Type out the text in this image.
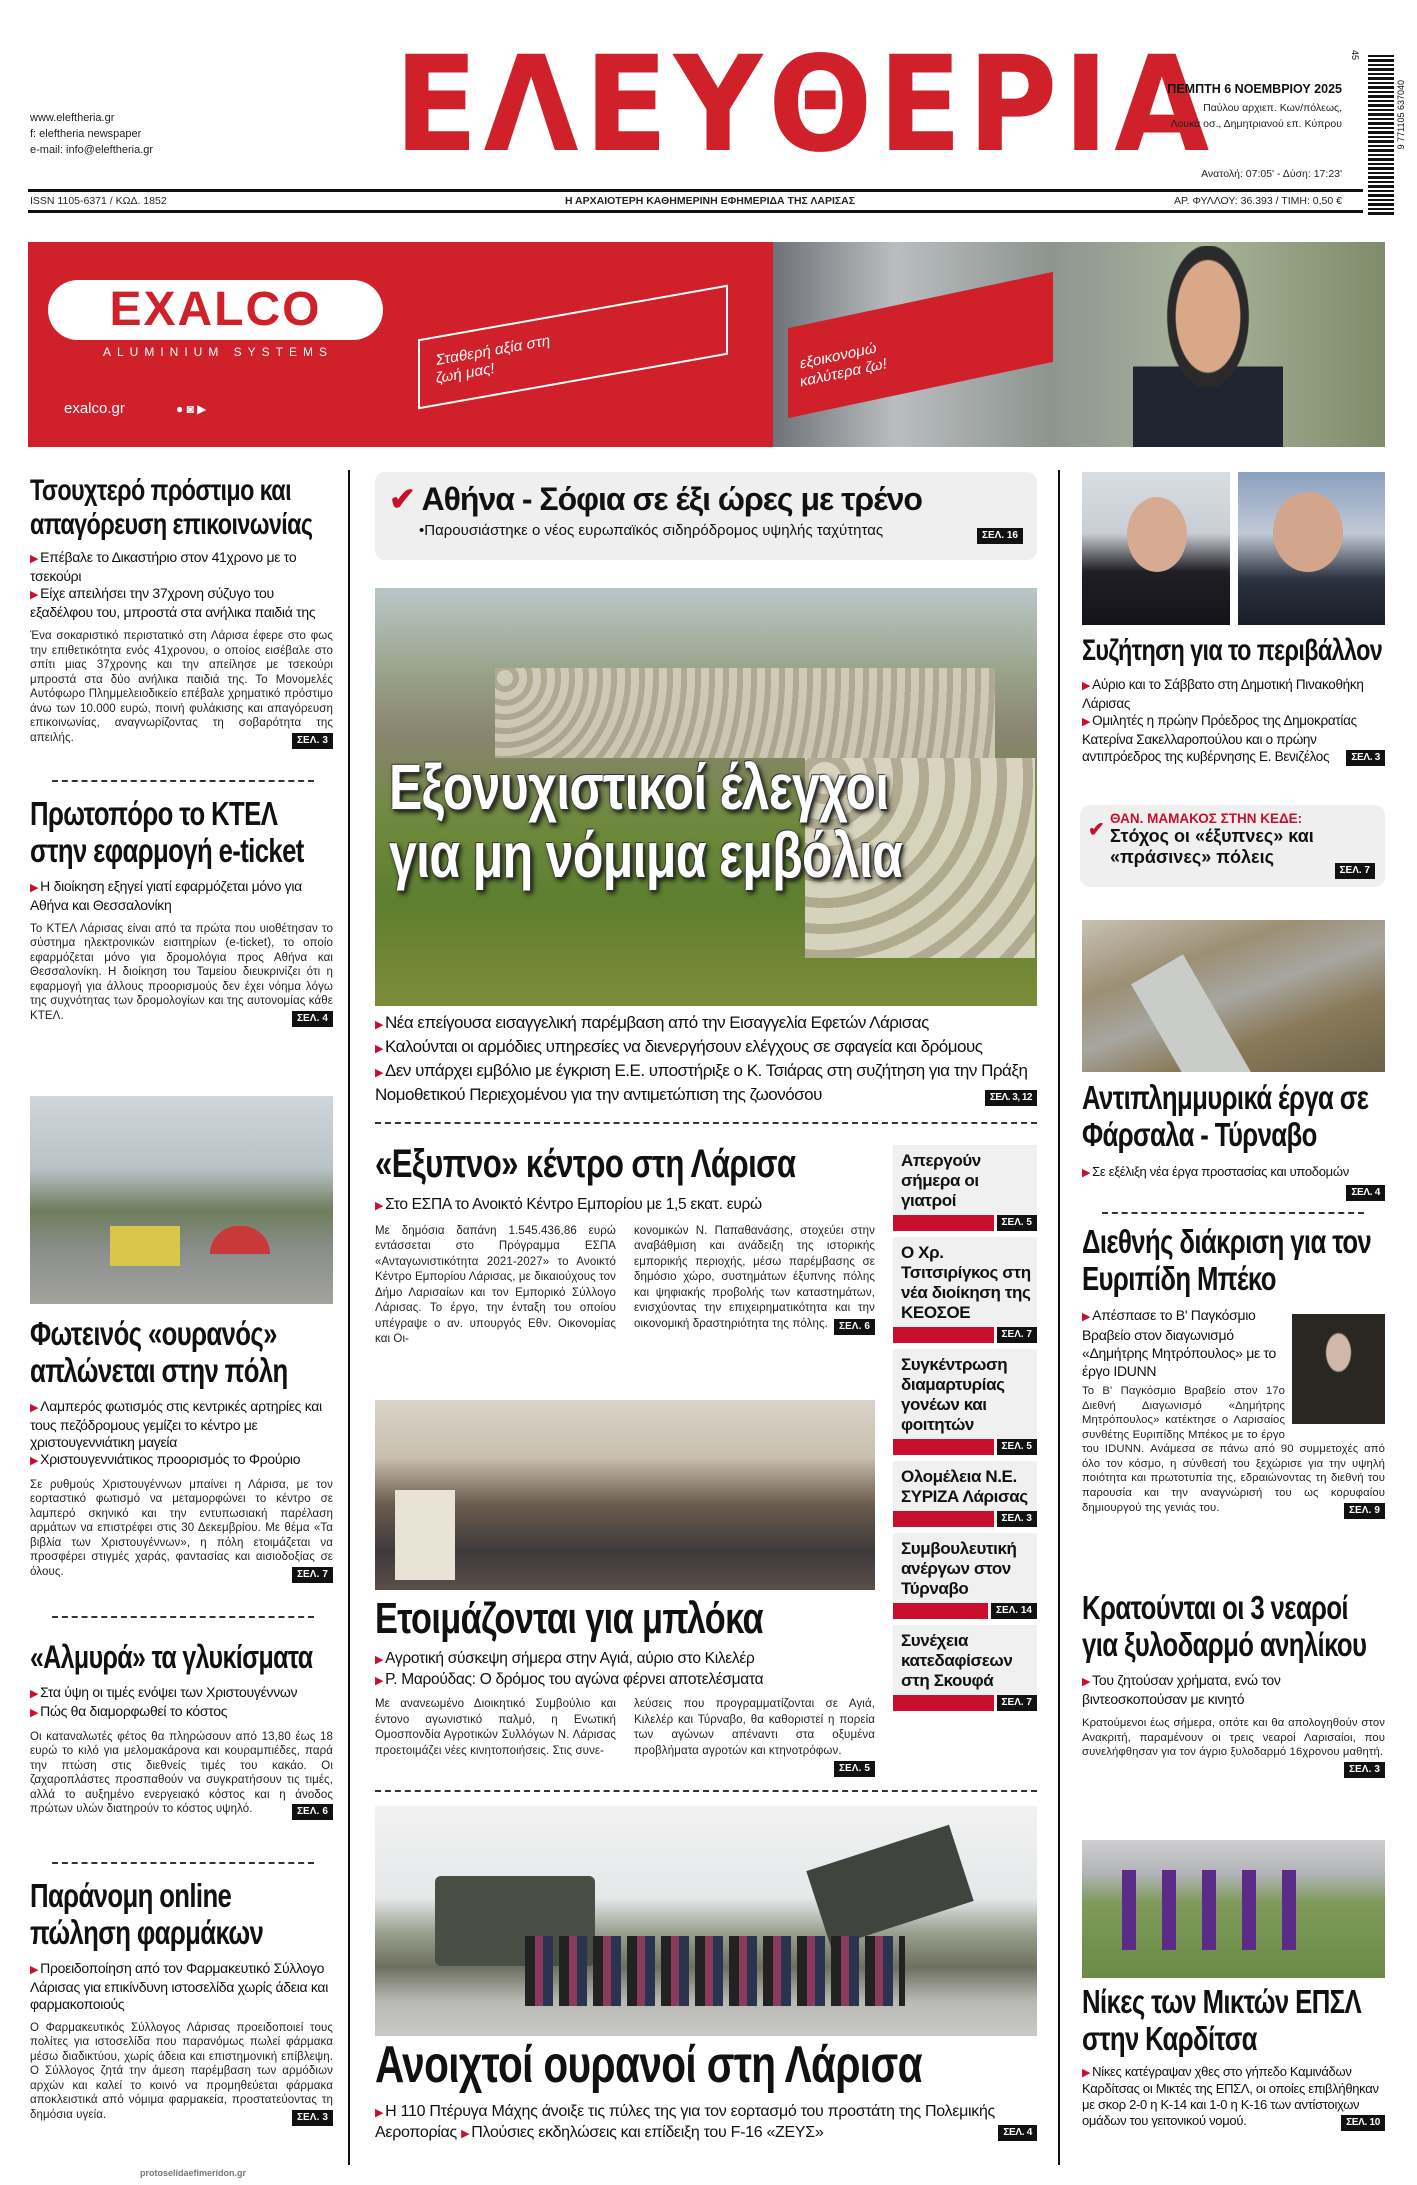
www.eleftheria.gr
f: eleftheria newspaper
e-mail: info@eleftheria.gr ΕΛΕΥΘΕΡΙΑ
ΠΕΜΠΤΗ 6 ΝΟΕΜΒΡΙΟΥ 2025
Παύλου αρχιεπ. Κων/πόλεως,
Λουκά οσ., Δημητριανού επ. Κύπρου
Ανατολή: 07:05' - Δύση: 17:23'
9 771105 637040
45
ISSN 1105-6371 / ΚΩΔ. 1852	Η ΑΡΧΑΙΟΤΕΡΗ ΚΑΘΗΜΕΡΙΝΗ ΕΦΗΜΕΡΙΔΑ ΤΗΣ ΛΑΡΙΣΑΣ	ΑΡ. ΦΥΛΛΟΥ: 36.393 / ΤΙΜΗ: 0,50 €
EXALCO
ALUMINIUM SYSTEMS
exalco.gr	● ◙ ▶
Σταθερή αξία στη ζωή μας!
εξοικονομώ καλύτερα ζω!
Τσουχτερό πρόστιμο και απαγόρευση επικοινωνίας
▶ Επέβαλε το Δικαστήριο στον 41χρονο με το τσεκούρι
▶ Είχε απειλήσει την 37χρονη σύζυγο του εξαδέλφου του, μπροστά στα ανήλικα παιδιά της
Ένα σοκαριστικό περιστατικό στη Λάρισα έφερε στο φως την επιθετικότητα ενός 41χρονου, ο οποίος εισέβαλε στο σπίτι μιας 37χρονης και την απείλησε με τσεκούρι μπροστά στα δύο ανήλικα παιδιά της. Το Μονομελές Αυτόφωρο Πλημμελειοδικείο επέβαλε χρηματικό πρόστιμο άνω των 10.000 ευρώ, ποινή φυλάκισης και απαγόρευση επικοινωνίας, αναγνωρίζοντας τη σοβαρότητα της απειλής.	ΣΕΛ. 3
Πρωτοπόρο το ΚΤΕΛ στην εφαρμογή e-ticket
▶ Η διοίκηση εξηγεί γιατί εφαρμόζεται μόνο για Αθήνα και Θεσσαλονίκη
Το ΚΤΕΛ Λάρισας είναι από τα πρώτα που υιοθέτησαν το σύστημα ηλεκτρονικών εισιτηρίων (e-ticket), το οποίο εφαρμόζεται μόνο για δρομολόγια προς Αθήνα και Θεσσαλονίκη. Η διοίκηση του Ταμείου διευκρινίζει ότι η εφαρμογή για άλλους προορισμούς δεν έχει νόημα λόγω της συχνότητας των δρομολογίων και της αυτονομίας κάθε ΚΤΕΛ.	ΣΕΛ. 4
Φωτεινός «ουρανός» απλώνεται στην πόλη
▶ Λαμπερός φωτισμός στις κεντρικές αρτηρίες και τους πεζόδρομους γεμίζει το κέντρο με χριστουγεννιάτικη μαγεία
▶ Χριστουγεννιάτικος προορισμός το Φρούριο
Σε ρυθμούς Χριστουγέννων μπαίνει η Λάρισα, με τον εορταστικό φωτισμό να μεταμορφώνει το κέντρο σε λαμπερό σκηνικό και την εντυπωσιακή παρέλαση αρμάτων να επιστρέφει στις 30 Δεκεμβρίου. Με θέμα «Τα βιβλία των Χριστουγέννων», η πόλη ετοιμάζεται να προσφέρει στιγμές χαράς, φαντασίας και αισιοδοξίας σε όλους.	ΣΕΛ. 7
«Αλμυρά» τα γλυκίσματα
▶ Στα ύψη οι τιμές ενόψει των Χριστουγέννων
▶ Πώς θα διαμορφωθεί το κόστος
Οι καταναλωτές φέτος θα πληρώσουν από 13,80 έως 18 ευρώ το κιλό για μελομακάρονα και κουραμπιέδες, παρά την πτώση στις διεθνείς τιμές του κακάο. Οι ζαχαροπλάστες προσπαθούν να συγκρατήσουν τις τιμές, αλλά το αυξημένο ενεργειακό κόστος και η άνοδος πρώτων υλών διατηρούν το κόστος υψηλό.	ΣΕΛ. 6
Παράνομη online πώληση φαρμάκων
▶ Προειδοποίηση από τον Φαρμακευτικό Σύλλογο Λάρισας για επικίνδυνη ιστοσελίδα χωρίς άδεια και φαρμακοποιούς
Ο Φαρμακευτικός Σύλλογος Λάρισας προειδοποιεί τους πολίτες για ιστοσελίδα που παρανόμως πωλεί φάρμακα μέσω διαδικτύου, χωρίς άδεια και επιστημονική επίβλεψη. Ο Σύλλογος ζητά την άμεση παρέμβαση των αρμόδιων αρχών και καλεί το κοινό να προμηθεύεται φάρμακα αποκλειστικά από νόμιμα φαρμακεία, προστατεύοντας τη δημόσια υγεία.	ΣΕΛ. 3
protoselidaefimeridon.gr
✔ Αθήνα - Σόφια σε έξι ώρες με τρένο
•Παρουσιάστηκε ο νέος ευρωπαϊκός σιδηρόδρομος υψηλής ταχύτητας	ΣΕΛ. 16
Εξονυχιστικοί έλεγχοι για μη νόμιμα εμβόλια
▶ Νέα επείγουσα εισαγγελική παρέμβαση από την Εισαγγελία Εφετών Λάρισας
▶ Καλούνται οι αρμόδιες υπηρεσίες να διενεργήσουν ελέγχους σε σφαγεία και δρόμους
▶ Δεν υπάρχει εμβόλιο με έγκριση Ε.Ε. υποστήριξε ο Κ. Τσιάρας στη συζήτηση για την Πράξη Νομοθετικού Περιεχομένου για την αντιμετώπιση της ζωονόσου	ΣΕΛ. 3, 12
«Εξυπνο» κέντρο στη Λάρισα
▶ Στο ΕΣΠΑ το Ανοικτό Κέντρο Εμπορίου με 1,5 εκατ. ευρώ
Με δημόσια δαπάνη 1.545.436,86 ευρώ εντάσσεται στο Πρόγραμμα ΕΣΠΑ «Ανταγωνιστικότητα 2021-2027» το Ανοικτό Κέντρο Εμπορίου Λάρισας, με δικαιούχους τον Δήμο Λαρισαίων και τον Εμπορικό Σύλλογο Λάρισας. Το έργο, την ένταξη του οποίου υπέγραψε ο αν. υπουργός Εθν. Οικονομίας και Οι-
κονομικών Ν. Παπαθανάσης, στοχεύει στην αναβάθμιση και ανάδειξη της ιστορικής εμπορικής περιοχής, μέσω παρέμβασης σε δημόσιο χώρο, συστημάτων έξυπνης πόλης και ψηφιακής προβολής των καταστημάτων, ενισχύοντας την επιχειρηματικότητα και την οικονομική δραστηριότητα της πόλης.	ΣΕΛ. 6
Απεργούν σήμερα οι γιατροί
ΣΕΛ. 5
Ο Χρ. Τσιτσιρίγκος στη νέα διοίκηση της ΚΕΟΣΟΕ
ΣΕΛ. 7
Συγκέντρωση διαμαρτυρίας γονέων και φοιτητών
ΣΕΛ. 5
Ολομέλεια Ν.Ε. ΣΥΡΙΖΑ Λάρισας
ΣΕΛ. 3
Συμβουλευτική ανέργων στον Τύρναβο
ΣΕΛ. 14
Συνέχεια κατεδαφίσεων στη Σκουφά
ΣΕΛ. 7
Ετοιμάζονται για μπλόκα
▶ Αγροτική σύσκεψη σήμερα στην Αγιά, αύριο στο Κιλελέρ
▶ Ρ. Μαρούδας: Ο δρόμος του αγώνα φέρνει αποτελέσματα
Με ανανεωμένο Διοικητικό Συμβούλιο και έντονο αγωνιστικό παλμό, η Ενωτική Ομοσπονδία Αγροτικών Συλλόγων Ν. Λάρισας προετοιμάζει νέες κινητοποιήσεις. Στις συνε-
λεύσεις που προγραμματίζονται σε Αγιά, Κιλελέρ και Τύρναβο, θα καθοριστεί η πορεία των αγώνων απέναντι στα οξυμένα προβλήματα αγροτών και κτηνοτρόφων.
ΣΕΛ. 5
Ανοιχτοί ουρανοί στη Λάρισα
▶ Η 110 Πτέρυγα Μάχης άνοιξε τις πύλες της για τον εορτασμό του προστάτη της Πολεμικής Αεροπορίας ▶ Πλούσιες εκδηλώσεις και επίδειξη του F-16 «ΖΕΥΣ»	ΣΕΛ. 4
Συζήτηση για το περιβάλλον
▶ Αύριο και το Σάββατο στη Δημοτική Πινακοθήκη Λάρισας
▶ Ομιλητές η πρώην Πρόεδρος της Δημοκρατίας Κατερίνα Σακελλαροπούλου και ο πρώην αντιπρόεδρος της κυβέρνησης Ε. Βενιζέλος	ΣΕΛ. 3
✔
ΘΑΝ. ΜΑΜΑΚΟΣ ΣΤΗΝ ΚΕΔΕ:
Στόχος οι «έξυπνες» και «πράσινες» πόλεις
ΣΕΛ. 7
Αντιπλημμυρικά έργα σε Φάρσαλα - Τύρναβο
▶ Σε εξέλιξη νέα έργα προστασίας και υποδομών
ΣΕΛ. 4
Διεθνής διάκριση για τον Ευριπίδη Μπέκο
▶ Απέσπασε το Β' Παγκόσμιο Βραβείο στον διαγωνισμό «Δημήτρης Μητρόπουλος» με το έργο IDUNN
Το Β' Παγκόσμιο Βραβείο στον 17ο Διεθνή Διαγωνισμό «Δημήτρης Μητρόπουλος» κατέκτησε ο Λαρισαίος συνθέτης Ευριπίδης Μπέκος με το έργο του IDUNN. Ανάμεσα σε πάνω από 90 συμμετοχές από όλο τον κόσμο, η σύνθεσή του ξεχώρισε για την υψηλή ποιότητα και πρωτοτυπία της, εδραιώνοντας τη διεθνή του παρουσία και την αναγνώρισή του ως κορυφαίου δημιουργού της γενιάς του.	ΣΕΛ. 9
Κρατούνται οι 3 νεαροί για ξυλοδαρμό ανηλίκου
▶ Του ζητούσαν χρήματα, ενώ τον βιντεοσκοπούσαν με κινητό
Κρατούμενοι έως σήμερα, οπότε και θα απολογηθούν στον Ανακριτή, παραμένουν οι τρεις νεαροί Λαρισαίοι, που συνελήφθησαν για τον άγριο ξυλοδαρμό 16χρονου μαθητή.
ΣΕΛ. 3
Νίκες των Μικτών ΕΠΣΛ στην Καρδίτσα
▶ Νίκες κατέγραψαν χθες στο γήπεδο Καμινάδων Καρδίτσας οι Μικτές της ΕΠΣΛ, οι οποίες επιβλήθηκαν με σκορ 2-0 η Κ-14 και 1-0 η Κ-16 των αντίστοιχων ομάδων του γειτονικού νομού.	ΣΕΛ. 10
